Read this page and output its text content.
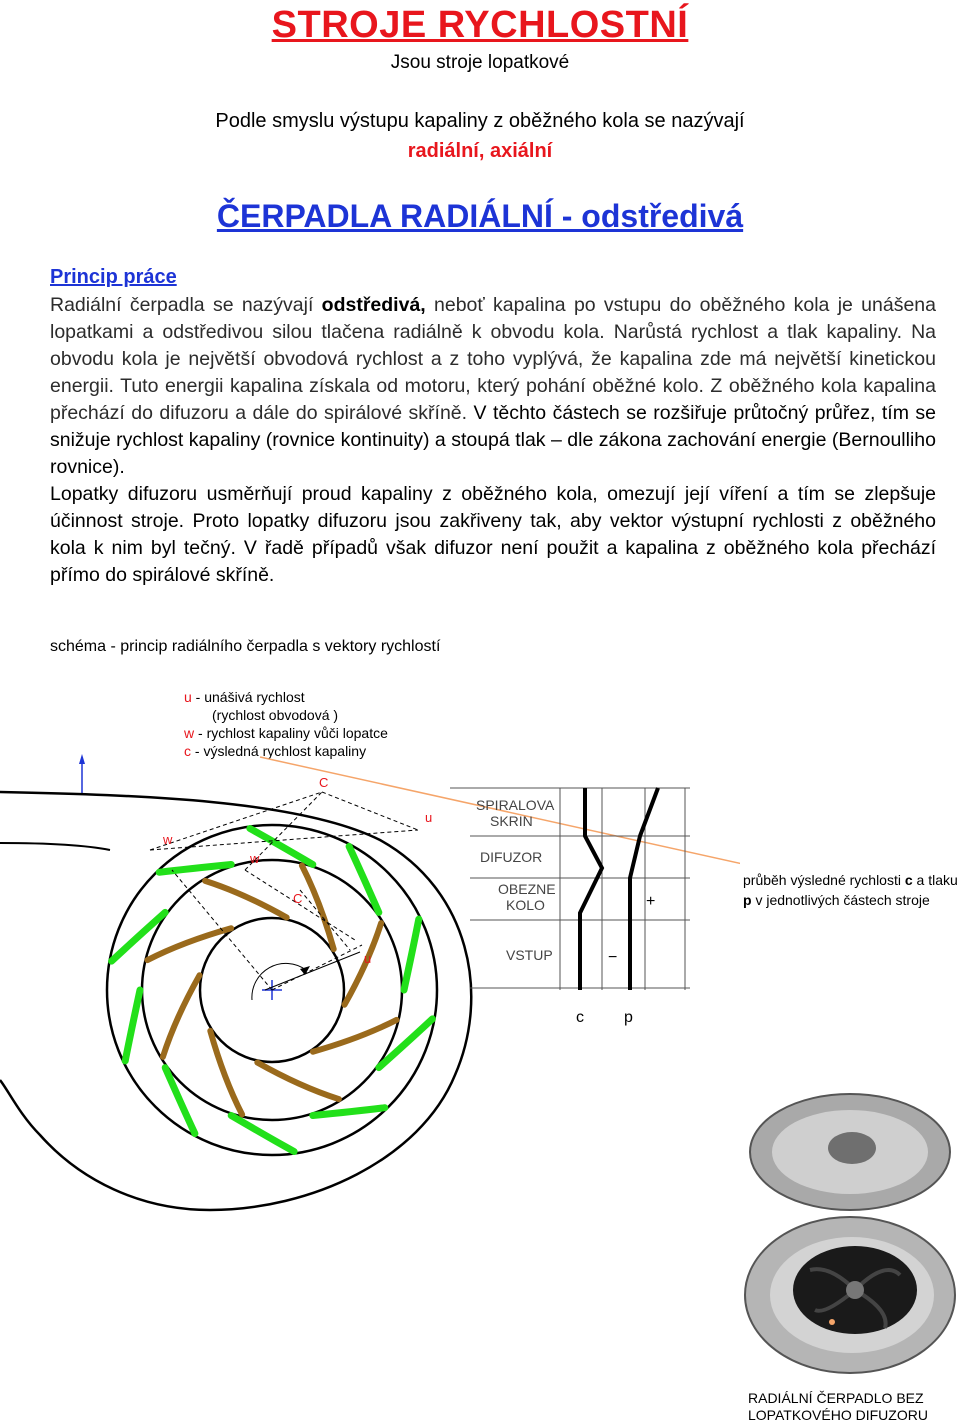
STROJE RYCHLOSTNÍ
Jsou stroje lopatkové
Podle smyslu výstupu kapaliny z oběžného kola se nazývají
radiální, axiální
ČERPADLA RADIÁLNÍ - odstředivá
Princip práce
Radiální čerpadla se nazývají odstředivá, neboť kapalina po vstupu do oběžného kola je unášena lopatkami a odstředivou silou tlačena radiálně k obvodu kola. Narůstá rychlost a tlak kapaliny. Na obvodu kola je největší obvodová rychlost a z toho vyplývá, že kapalina zde má největší kinetickou energii. Tuto energii kapalina získala od motoru, který pohání oběžné kolo. Z oběžného kola kapalina přechází do difuzoru a dále do spirálové skříně. V těchto částech se rozšiřuje průtočný průřez, tím se snižuje rychlost kapaliny (rovnice kontinuity) a stoupá tlak – dle zákona zachování energie (Bernoulliho rovnice).
Lopatky difuzoru usměrňují proud kapaliny z oběžného kola, omezují její víření a tím se zlepšuje účinnost stroje. Proto lopatky difuzoru jsou zakřiveny tak, aby vektor výstupní rychlosti z oběžného kola k nim byl tečný. V řadě případů však difuzor není použit a kapalina z oběžného kola přechází přímo do spirálové skříně.
schéma - princip radiálního čerpadla s vektory rychlostí
u - unášivá rychlost
(rychlost obvodová )
w - rychlost kapaliny vůči lopatce
c - výsledná rychlost kapaliny
C
u
w
w
C
u
SPIRALOVA
SKRIN
DIFUZOR
OBEZNE
KOLO
VSTUP
+
−
c	p
průběh výsledné rychlosti c a tlaku p v jednotlivých částech stroje
RADIÁLNÍ ČERPADLO BEZ
LOPATKOVÉHO DIFUZORU
